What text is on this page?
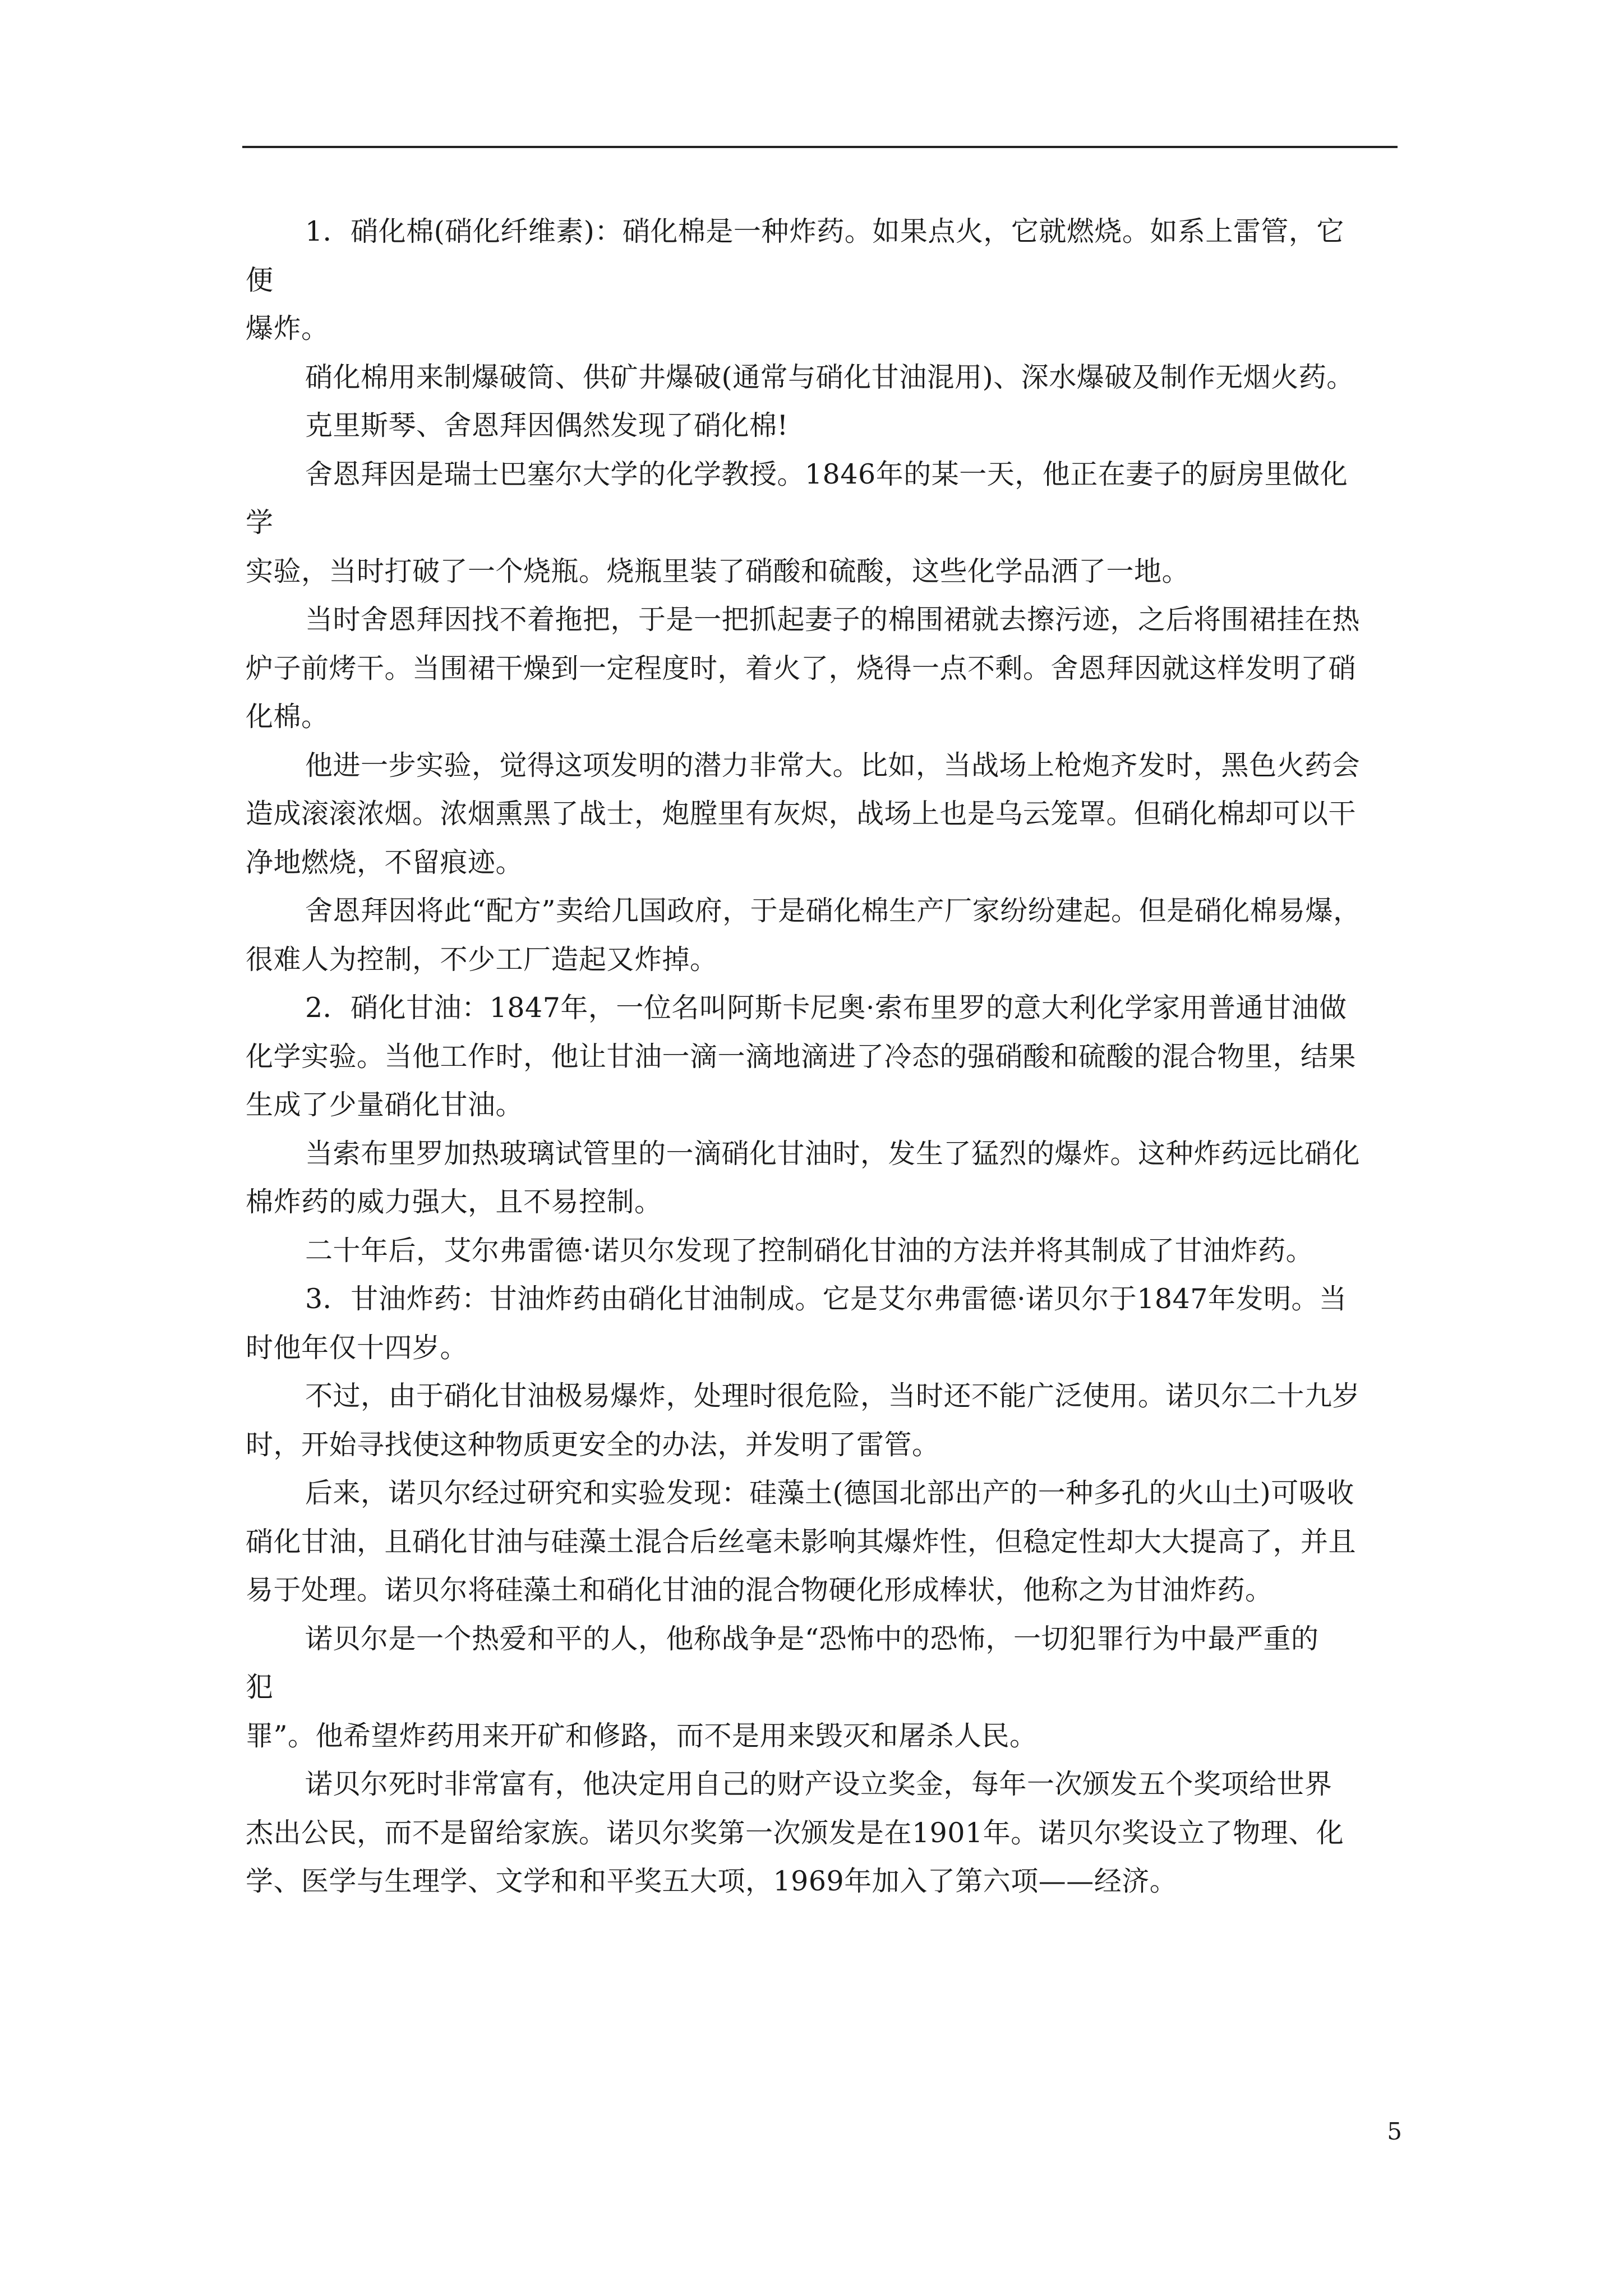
1．硝化棉(硝化纤维素)：硝化棉是一种炸药。如果点火，它就燃烧。如系上雷管，它
便
爆炸。
硝化棉用来制爆破筒、供矿井爆破(通常与硝化甘油混用)、深水爆破及制作无烟火药。
克里斯琴、舍恩拜因偶然发现了硝化棉!
舍恩拜因是瑞士巴塞尔大学的化学教授。1846年的某一天，他正在妻子的厨房里做化
学
实验，当时打破了一个烧瓶。烧瓶里装了硝酸和硫酸，这些化学品洒了一地。
当时舍恩拜因找不着拖把，于是一把抓起妻子的棉围裙就去擦污迹，之后将围裙挂在热
炉子前烤干。当围裙干燥到一定程度时，着火了，烧得一点不剩。舍恩拜因就这样发明了硝
化棉。
他进一步实验，觉得这项发明的潜力非常大。比如，当战场上枪炮齐发时，黑色火药会
造成滚滚浓烟。浓烟熏黑了战士，炮膛里有灰烬，战场上也是乌云笼罩。但硝化棉却可以干
净地燃烧，不留痕迹。
舍恩拜因将此“配方”卖给几国政府，于是硝化棉生产厂家纷纷建起。但是硝化棉易爆，
很难人为控制，不少工厂造起又炸掉。
2．硝化甘油：1847年，一位名叫阿斯卡尼奥·索布里罗的意大利化学家用普通甘油做
化学实验。当他工作时，他让甘油一滴一滴地滴进了冷态的强硝酸和硫酸的混合物里，结果
生成了少量硝化甘油。
当索布里罗加热玻璃试管里的一滴硝化甘油时，发生了猛烈的爆炸。这种炸药远比硝化
棉炸药的威力强大，且不易控制。
二十年后，艾尔弗雷德·诺贝尔发现了控制硝化甘油的方法并将其制成了甘油炸药。
3．甘油炸药：甘油炸药由硝化甘油制成。它是艾尔弗雷德·诺贝尔于1847年发明。当
时他年仅十四岁。
不过，由于硝化甘油极易爆炸，处理时很危险，当时还不能广泛使用。诺贝尔二十九岁
时，开始寻找使这种物质更安全的办法，并发明了雷管。
后来，诺贝尔经过研究和实验发现：硅藻土(德国北部出产的一种多孔的火山土)可吸收
硝化甘油，且硝化甘油与硅藻土混合后丝毫未影响其爆炸性，但稳定性却大大提高了，并且
易于处理。诺贝尔将硅藻土和硝化甘油的混合物硬化形成棒状，他称之为甘油炸药。
诺贝尔是一个热爱和平的人，他称战争是“恐怖中的恐怖，一切犯罪行为中最严重的
犯
罪”。他希望炸药用来开矿和修路，而不是用来毁灭和屠杀人民。
诺贝尔死时非常富有，他决定用自己的财产设立奖金，每年一次颁发五个奖项给世界
杰出公民，而不是留给家族。诺贝尔奖第一次颁发是在1901年。诺贝尔奖设立了物理、化
学、医学与生理学、文学和和平奖五大项，1969年加入了第六项——经济。
5
